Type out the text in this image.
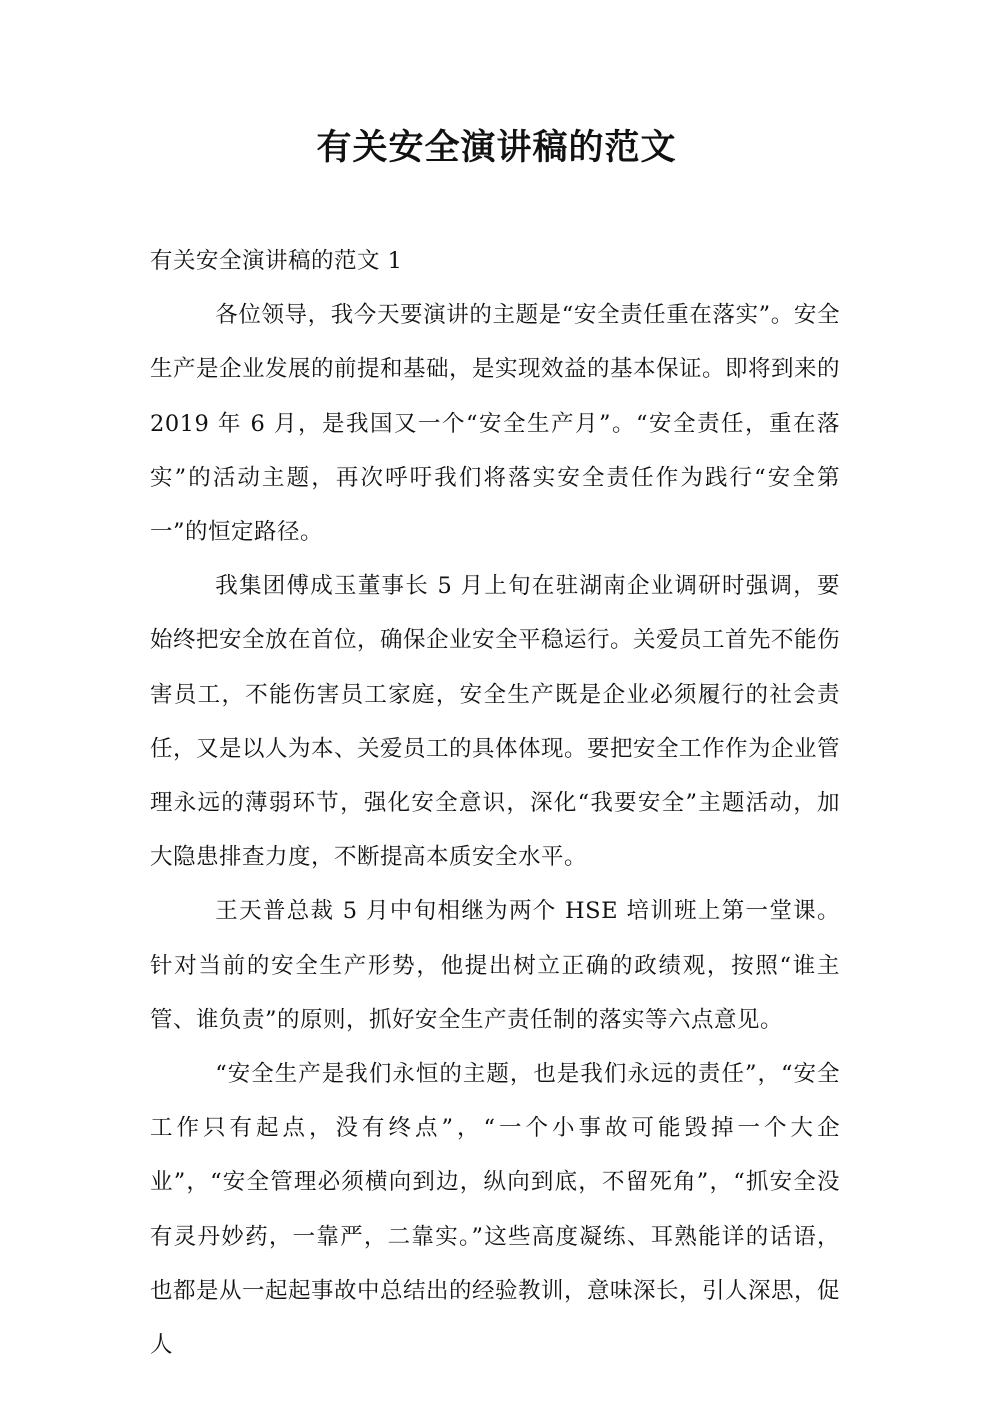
有关安全演讲稿的范文

有关安全演讲稿的范文 1

各位领导，我今天要演讲的主题是“安全责任重在落实”。安全生产是企业发展的前提和基础，是实现效益的基本保证。即将到来的 2019 年 6 月，是我国又一个“安全生产月”。“安全责任，重在落实”的活动主题，再次呼吁我们将落实安全责任作为践行“安全第一”的恒定路径。

我集团傅成玉董事长 5 月上旬在驻湖南企业调研时强调，要始终把安全放在首位，确保企业安全平稳运行。关爱员工首先不能伤害员工，不能伤害员工家庭，安全生产既是企业必须履行的社会责任，又是以人为本、关爱员工的具体体现。要把安全工作作为企业管理永远的薄弱环节，强化安全意识，深化“我要安全”主题活动，加大隐患排查力度，不断提高本质安全水平。

王天普总裁 5 月中旬相继为两个 HSE 培训班上第一堂课。针对当前的安全生产形势，他提出树立正确的政绩观，按照“谁主管、谁负责”的原则，抓好安全生产责任制的落实等六点意见。

“安全生产是我们永恒的主题，也是我们永远的责任”，“安全工作只有起点，没有终点”，“一个小事故可能毁掉一个大企业”，“安全管理必须横向到边，纵向到底，不留死角”，“抓安全没有灵丹妙药，一靠严，二靠实。”这些高度凝练、耳熟能详的话语，也都是从一起起事故中总结出的经验教训，意味深长，引人深思，促人
